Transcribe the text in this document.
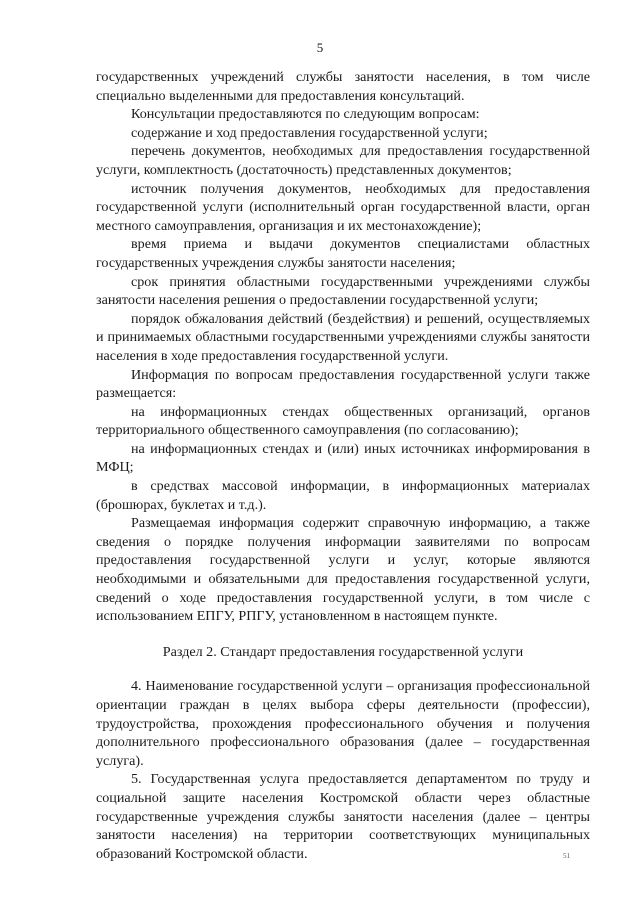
5

государственных учреждений службы занятости населения, в том числе специально выделенными для предоставления консультаций.

Консультации предоставляются по следующим вопросам:

содержание и ход предоставления государственной услуги;

перечень документов, необходимых для предоставления государственной услуги, комплектность (достаточность) представленных документов;

источник получения документов, необходимых для предоставления государственной услуги (исполнительный орган государственной власти, орган местного самоуправления, организация и их местонахождение);

время приема и выдачи документов специалистами областных государственных учреждения службы занятости населения;

срок принятия областными государственными учреждениями службы занятости населения решения о предоставлении государственной услуги;

порядок обжалования действий (бездействия) и решений, осуществляемых и принимаемых областными государственными учреждениями службы занятости населения в ходе предоставления государственной услуги.

Информация по вопросам предоставления государственной услуги также размещается:

на информационных стендах общественных организаций, органов территориального общественного самоуправления (по согласованию);

на информационных стендах и (или) иных источниках информирования в МФЦ;

в средствах массовой информации, в информационных материалах (брошюрах, буклетах и т.д.).

Размещаемая информация содержит справочную информацию, а также сведения о порядке получения информации заявителями по вопросам предоставления государственной услуги и услуг, которые являются необходимыми и обязательными для предоставления государственной услуги, сведений о ходе предоставления государственной услуги, в том числе с использованием ЕПГУ, РПГУ, установленном в настоящем пункте.

Раздел 2. Стандарт предоставления государственной услуги

4. Наименование государственной услуги – организация профессиональной ориентации граждан в целях выбора сферы деятельности (профессии), трудоустройства, прохождения профессионального обучения и получения дополнительного профессионального образования (далее – государственная услуга).

5. Государственная услуга предоставляется департаментом по труду и социальной защите населения Костромской области через областные государственные учреждения службы занятости населения (далее – центры занятости населения) на территории соответствующих муниципальных образований Костромской области.	51
